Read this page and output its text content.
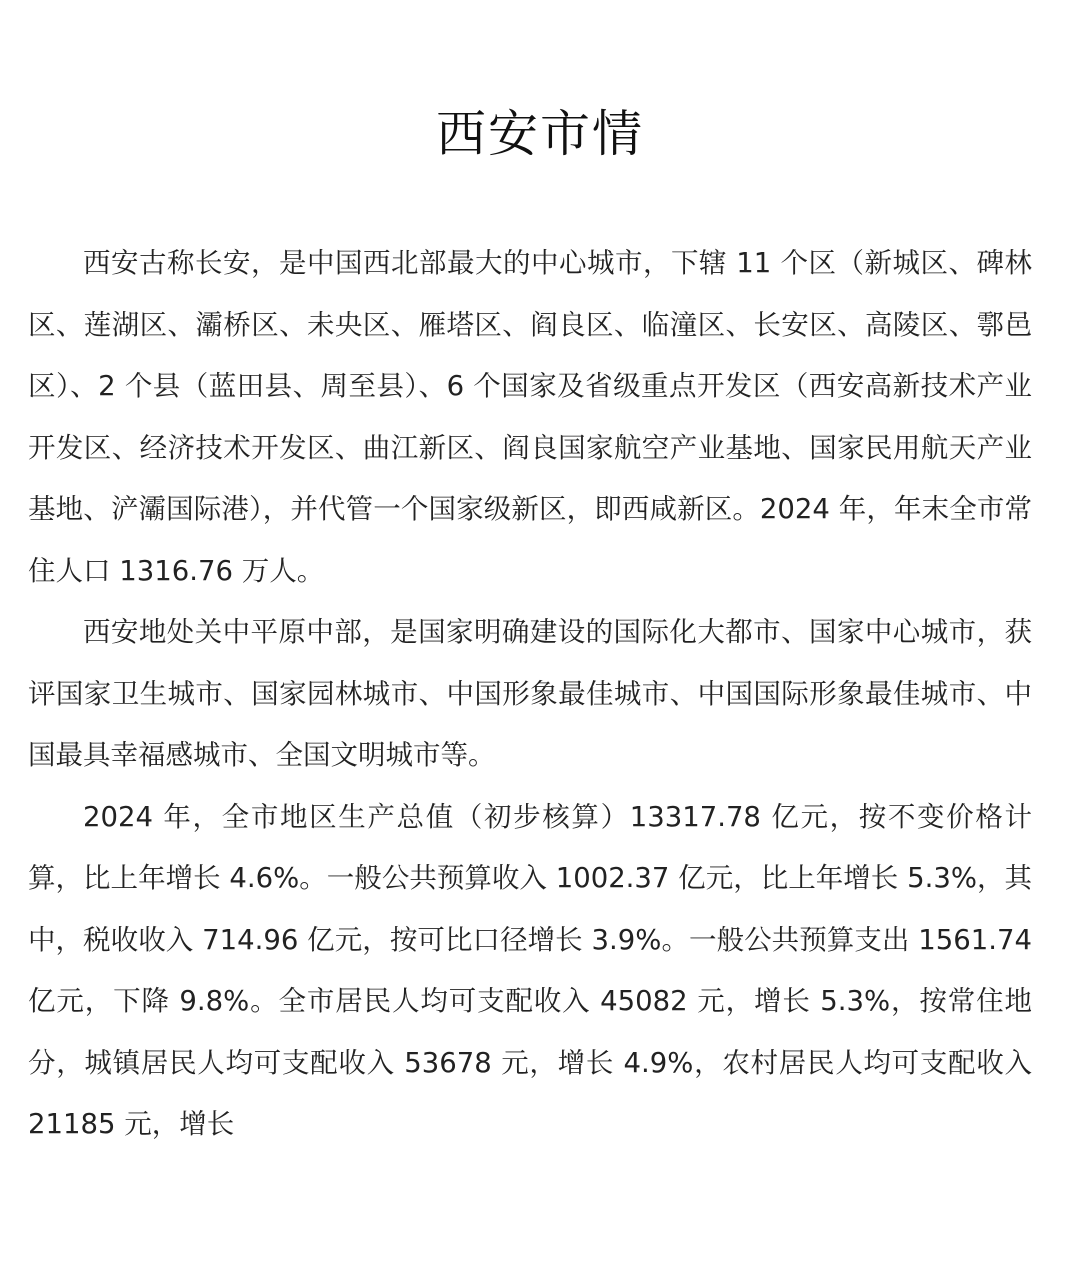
西安市情

西安古称长安，是中国西北部最大的中心城市，下辖 11 个区（新城区、碑林区、莲湖区、灞桥区、未央区、雁塔区、阎良区、临潼区、长安区、高陵区、鄠邑区）、2 个县（蓝田县、周至县）、6 个国家及省级重点开发区（西安高新技术产业开发区、经济技术开发区、曲江新区、阎良国家航空产业基地、国家民用航天产业基地、浐灞国际港），并代管一个国家级新区，即西咸新区。2024 年，年末全市常住人口 1316.76 万人。

西安地处关中平原中部，是国家明确建设的国际化大都市、国家中心城市，获评国家卫生城市、国家园林城市、中国形象最佳城市、中国国际形象最佳城市、中国最具幸福感城市、全国文明城市等。

2024 年，全市地区生产总值（初步核算）13317.78 亿元，按不变价格计算，比上年增长 4.6%。一般公共预算收入 1002.37 亿元，比上年增长 5.3%，其中，税收收入 714.96 亿元，按可比口径增长 3.9%。一般公共预算支出 1561.74 亿元，下降 9.8%。全市居民人均可支配收入 45082 元，增长 5.3%，按常住地分，城镇居民人均可支配收入 53678 元，增长 4.9%，农村居民人均可支配收入 21185 元，增长
